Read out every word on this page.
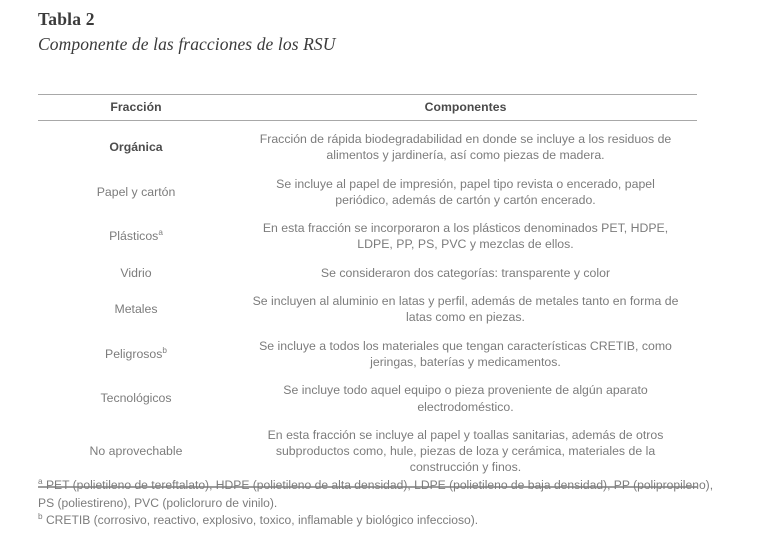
Tabla 2
Componente de las fracciones de los RSU
Fracción	Componentes
Orgánica	Fracción de rápida biodegradabilidad en donde se incluye a los residuos de alimentos y jardinería, así como piezas de madera.
Papel y cartón	Se incluye al papel de impresión, papel tipo revista o encerado, papel periódico, además de cartón y cartón encerado.
Plásticos$^a$	En esta fracción se incorporaron a los plásticos denominados PET, HDPE, LDPE, PP, PS, PVC y mezclas de ellos.
Vidrio	Se consideraron dos categorías: transparente y color
Metales	Se incluyen al aluminio en latas y perfil, además de metales tanto en forma de latas como en piezas.
Peligrosos$^b$	Se incluye a todos los materiales que tengan características CRETIB, como jeringas, baterías y medicamentos.
Tecnológicos	Se incluye todo aquel equipo o pieza proveniente de algún aparato electrodoméstico.
No aprovechable	En esta fracción se incluye al papel y toallas sanitarias, además de otros subproductos como, hule, piezas de loza y cerámica, materiales de la construcción y finos.

$^a$ PET (polietileno de tereftalato), HDPE (polietileno de alta densidad), LDPE (polietileno de baja densidad), PP (polipropileno), PS (poliestireno), PVC (policloruro de vinilo).

$^b$ CRETIB (corrosivo, reactivo, explosivo, toxico, inflamable y biológico infeccioso).
